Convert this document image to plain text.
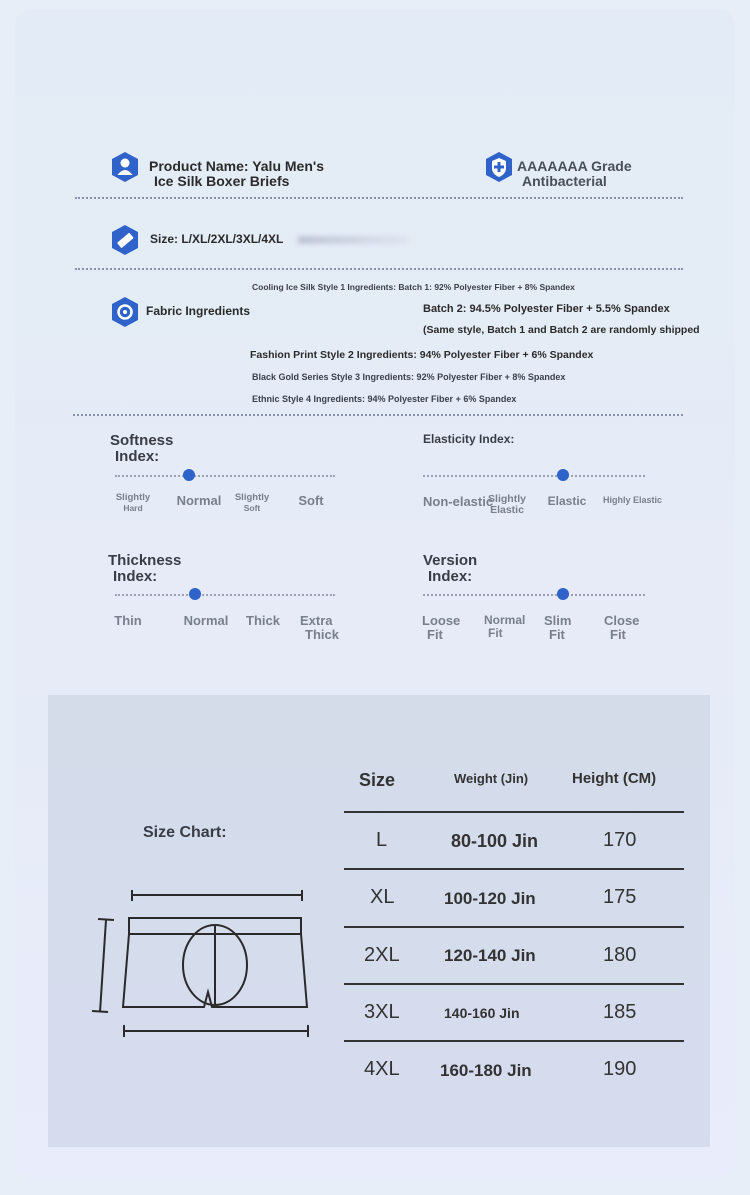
Product Name: Yalu Men's
Ice Silk Boxer Briefs
AAAAAAA Grade
Antibacterial
Size: L/XL/2XL/3XL/4XL
Fabric Ingredients
Cooling Ice Silk Style 1 Ingredients: Batch 1: 92% Polyester Fiber + 8% Spandex
Batch 2: 94.5% Polyester Fiber + 5.5% Spandex
(Same style, Batch 1 and Batch 2 are randomly shipped
Fashion Print Style 2 Ingredients: 94% Polyester Fiber + 6% Spandex
Black Gold Series Style 3 Ingredients: 92% Polyester Fiber + 8% Spandex
Ethnic Style 4 Ingredients: 94% Polyester Fiber + 6% Spandex
Softness
Index:
Slightly
Hard	Normal	Slightly
Soft	Soft
Elasticity Index:
Non-elastic
Slightly
Elastic
Elastic	Highly Elastic
Thickness
Index:
Thin	Normal	Thick	Extra
Thick
Version
Index:
Loose
Fit
Normal
Fit
Slim
Fit
Close
Fit
Size Chart:
Size	Weight (Jin)	Height (CM)
L	80-100 Jin	170
XL	100-120 Jin	175
2XL	120-140 Jin	180
3XL	140-160 Jin	185
4XL 160-180 Jin	190
